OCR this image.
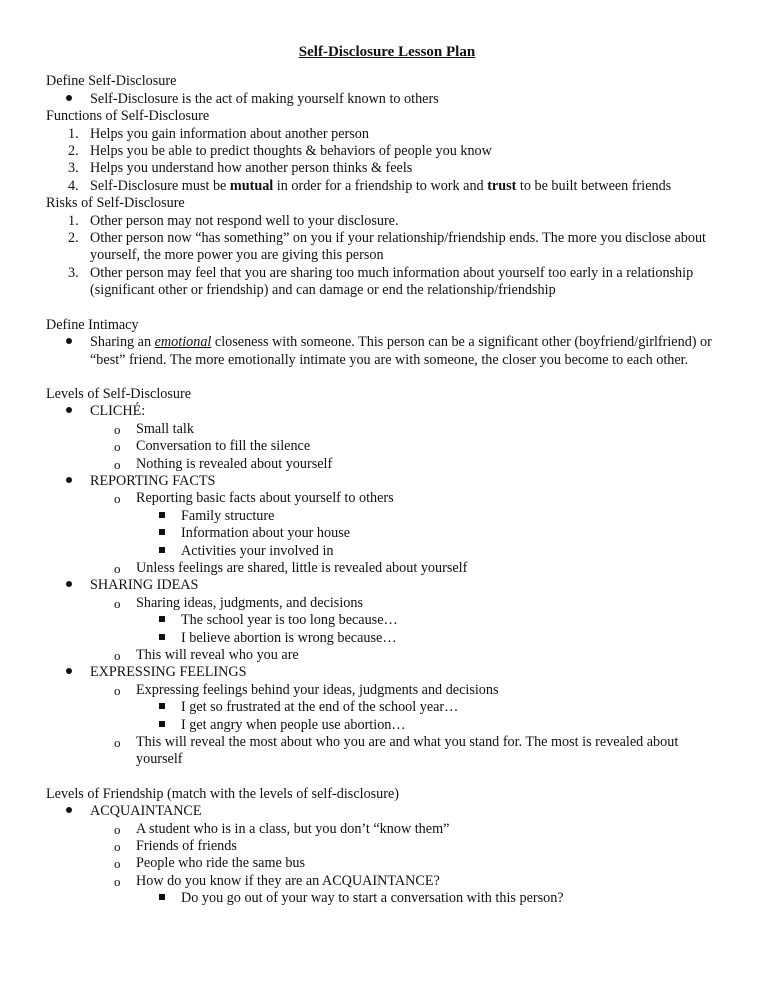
Self-Disclosure Lesson Plan

Define Self-Disclosure

Self-Disclosure is the act of making yourself known to others

Functions of Self-Disclosure

1. Helps you gain information about another person
2. Helps you be able to predict thoughts & behaviors of people you know
3. Helps you understand how another person thinks & feels
4. Self-Disclosure must be mutual in order for a friendship to work and trust to be built between friends

Risks of Self-Disclosure

1. Other person may not respond well to your disclosure.
2. Other person now “has something” on you if your relationship/friendship ends. The more you disclose about yourself, the more power you are giving this person
3. Other person may feel that you are sharing too much information about yourself too early in a relationship (significant other or friendship) and can damage or end the relationship/friendship

Define Intimacy

Sharing an emotional closeness with someone. This person can be a significant other (boyfriend/girlfriend) or “best” friend. The more emotionally intimate you are with someone, the closer you become to each other.

Levels of Self-Disclosure

CLICHÉ:
o	Small talk
o	Conversation to fill the silence
o	Nothing is revealed about yourself
REPORTING FACTS
o	Reporting basic facts about yourself to others
Family structure
Information about your house
Activities your involved in
o	Unless feelings are shared, little is revealed about yourself
SHARING IDEAS
o	Sharing ideas, judgments, and decisions
The school year is too long because…
I believe abortion is wrong because…
o	This will reveal who you are
EXPRESSING FEELINGS
o	Expressing feelings behind your ideas, judgments and decisions
I get so frustrated at the end of the school year…
I get angry when people use abortion…
o	This will reveal the most about who you are and what you stand for. The most is revealed about yourself

Levels of Friendship (match with the levels of self-disclosure)

ACQUAINTANCE
o	A student who is in a class, but you don’t “know them”
o	Friends of friends
o	People who ride the same bus
o	How do you know if they are an ACQUAINTANCE?
Do you go out of your way to start a conversation with this person?
